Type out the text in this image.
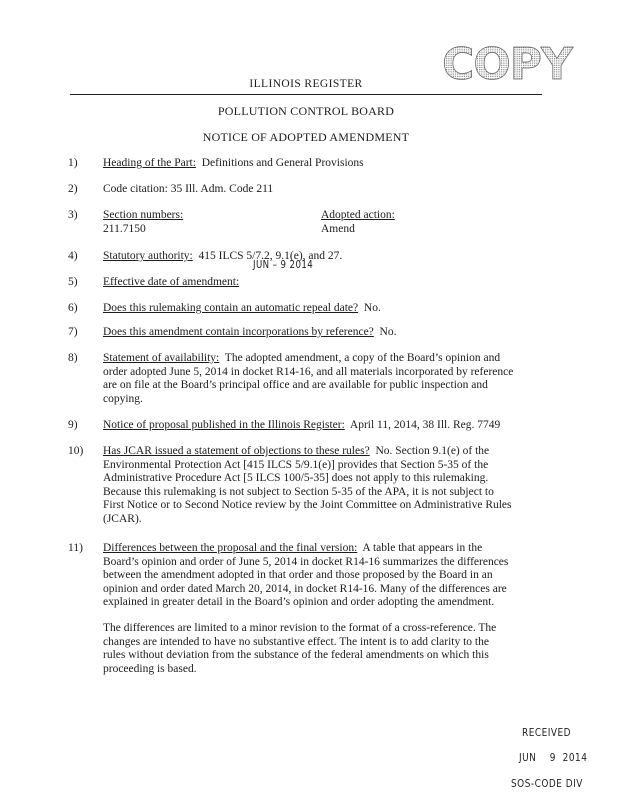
COPY
ILLINOIS REGISTER
POLLUTION CONTROL BOARD
NOTICE OF ADOPTED AMENDMENT
1) Heading of the Part: Definitions and General Provisions
2) Code citation: 35 Ill. Adm. Code 211
3) Section numbers:
211.7150
Adopted action:
Amend
4) Statutory authority: 415 ILCS 5/7.2, 9.1(e), and 27.
JUN – 9 2014
5) Effective date of amendment:
6) Does this rulemaking contain an automatic repeal date? No.
7) Does this amendment contain incorporations by reference? No.
8) Statement of availability: The adopted amendment, a copy of the Board’s opinion and

order adopted June 5, 2014 in docket R14-16, and all materials incorporated by reference

are on file at the Board’s principal office and are available for public inspection and

copying.

9) Notice of proposal published in the Illinois Register: April 11, 2014, 38 Ill. Reg. 7749
10) Has JCAR issued a statement of objections to these rules? No. Section 9.1(e) of the

Environmental Protection Act [415 ILCS 5/9.1(e)] provides that Section 5-35 of the

Administrative Procedure Act [5 ILCS 100/5-35] does not apply to this rulemaking.

Because this rulemaking is not subject to Section 5-35 of the APA, it is not subject to

First Notice or to Second Notice review by the Joint Committee on Administrative Rules

(JCAR).

11) Differences between the proposal and the final version: A table that appears in the

Board’s opinion and order of June 5, 2014 in docket R14-16 summarizes the differences

between the amendment adopted in that order and those proposed by the Board in an

opinion and order dated March 20, 2014, in docket R14-16. Many of the differences are

explained in greater detail in the Board’s opinion and order adopting the amendment.

The differences are limited to a minor revision to the format of a cross-reference. The

changes are intended to have no substantive effect. The intent is to add clarity to the

rules without deviation from the substance of the federal amendments on which this

proceeding is based.

RECEIVED
JUN    9  2014
SOS-CODE DIV
